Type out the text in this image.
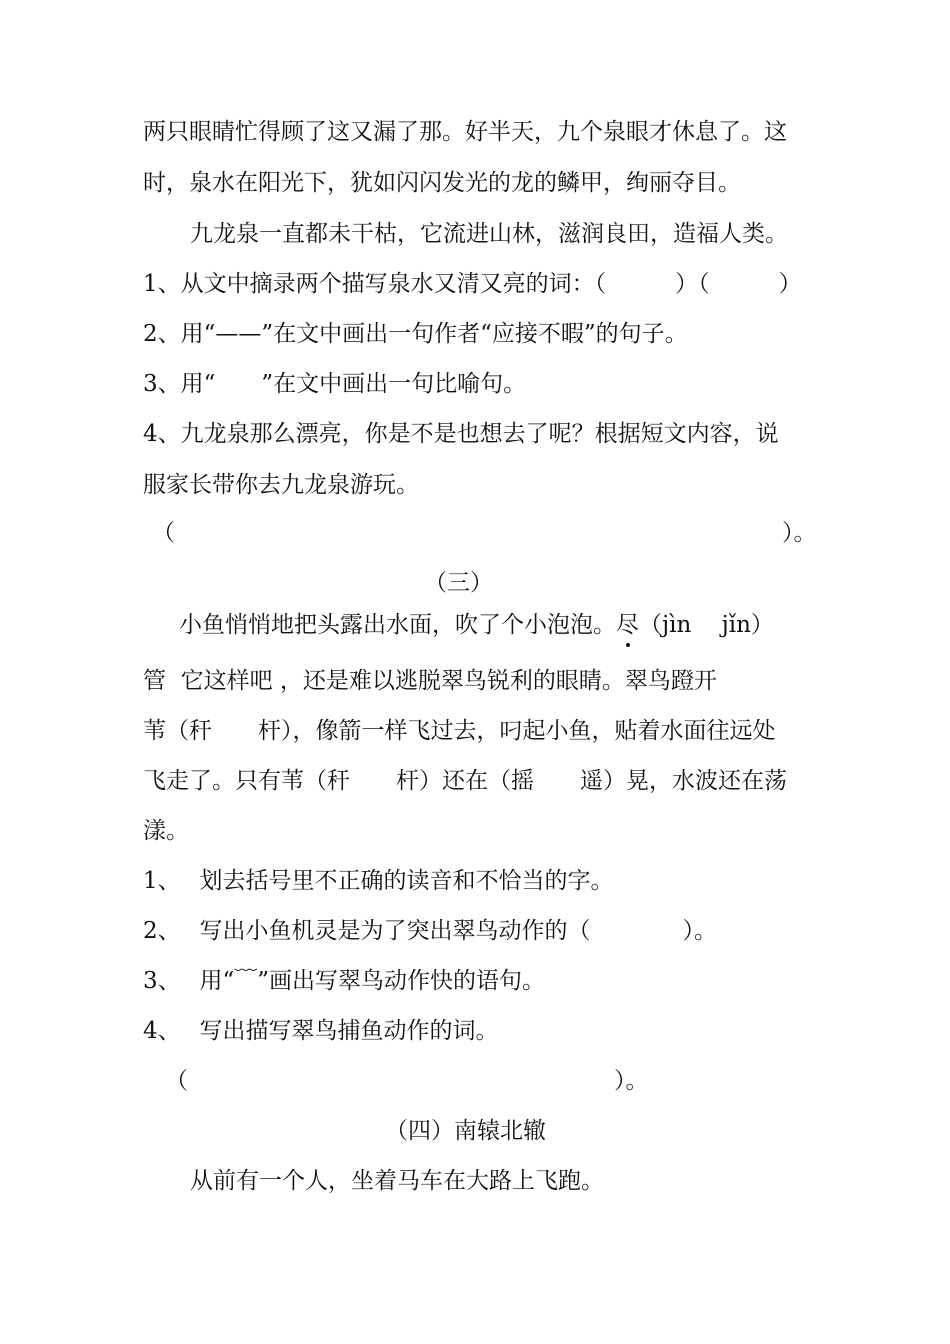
两只眼睛忙得顾了这又漏了那。好半天，九个泉眼才休息了。这
时，泉水在阳光下，犹如闪闪发光的龙的鳞甲，绚丽夺目。
九龙泉一直都未干枯，它流进山林，滋润良田，造福人类。
1、从文中摘录两个描写泉水又清又亮的词：（　　　）（　　　）
2、用“——”在文中画出一句作者“应接不暇”的句子。
3、用“　　”在文中画出一句比喻句。
4、九龙泉那么漂亮，你是不是也想去了呢？根据短文内容，说
服家长带你去九龙泉游玩。
（	）。
（三）
小鱼悄悄地把头露出水面，吹了个小泡泡。尽（jìn　 jǐn）
管  它这样吧 ，还是难以逃脱翠鸟锐利的眼睛。翠鸟蹬开
苇（秆　　杆），像箭一样飞过去，叼起小鱼，贴着水面往远处
飞走了。只有苇（秆　　杆）还在（摇　　遥）晃，水波还在荡
漾。
1、　 划去括号里不正确的读音和不恰当的字。
2、　 写出小鱼机灵是为了突出翠鸟动作的（　　　　）。
3、　 用“﹋”画出写翠鸟动作快的语句。
4、　 写出描写翠鸟捕鱼动作的词。
（	）。
（四）南辕北辙
从前有一个人，坐着马车在大路上飞跑。
